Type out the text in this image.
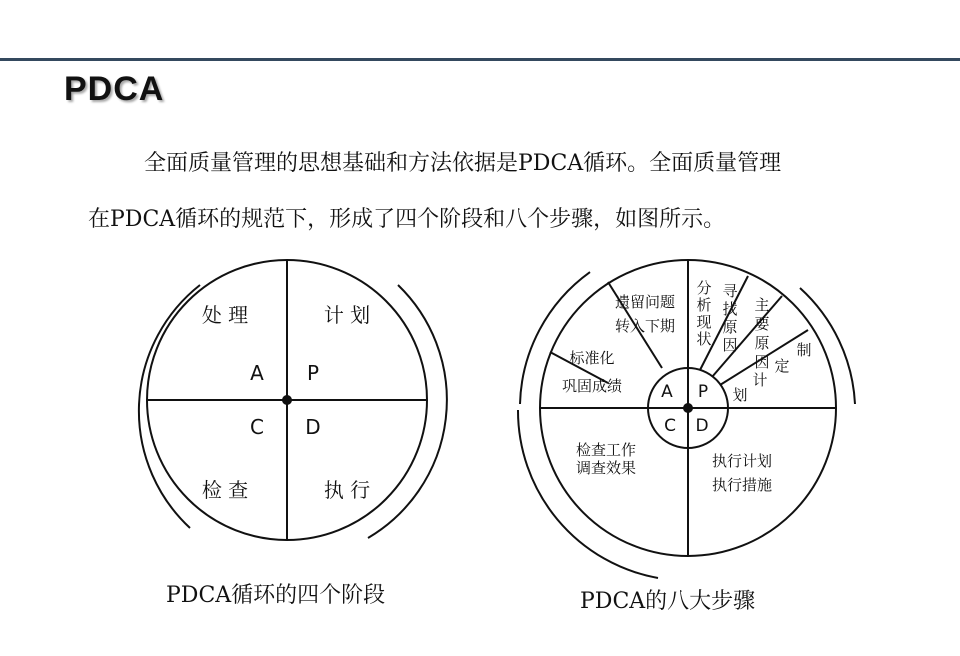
PDCA
全面质量管理的思想基础和方法依据是PDCA循环。全面质量管理
在PDCA循环的规范下，形成了四个阶段和八个步骤，如图所示。
处 理	计 划
检 查	执 行
A P
C D
A P
C D
分析现状
寻找原因
主要原因
制
定
计
划
执行计划执行措施
检查工作调查效果
标准化巩固成绩
遗留问题转入下期
PDCA循环的四个阶段	PDCA的八大步骤
